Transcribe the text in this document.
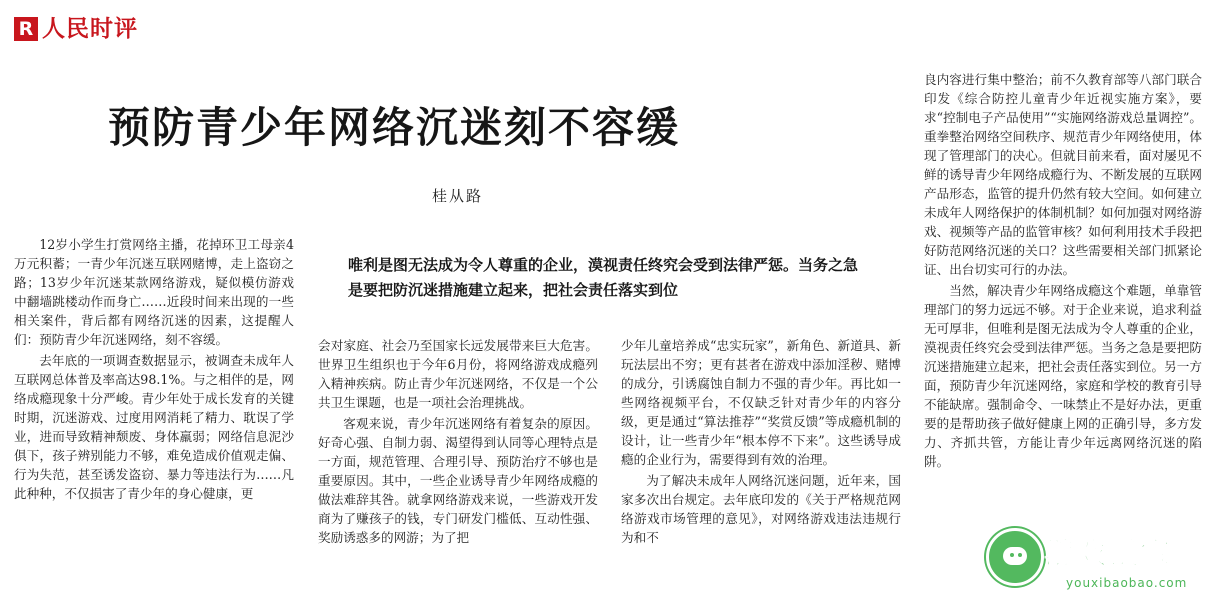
R 人民时评
预防青少年网络沉迷刻不容缓
桂从路
唯利是图无法成为令人尊重的企业，漠视责任终究会受到法律严惩。当务之急是要把防沉迷措施建立起来，把社会责任落实到位

12岁小学生打赏网络主播，花掉环卫工母亲4万元积蓄；一青少年沉迷互联网赌博，走上盗窃之路；13岁少年沉迷某款网络游戏，疑似模仿游戏中翻墙跳楼动作而身亡……近段时间来出现的一些相关案件，背后都有网络沉迷的因素，这提醒人们：预防青少年沉迷网络，刻不容缓。

去年底的一项调查数据显示，被调查未成年人互联网总体普及率高达98.1%。与之相伴的是，网络成瘾现象十分严峻。青少年处于成长发育的关键时期，沉迷游戏、过度用网消耗了精力、耽误了学业，进而导致精神颓废、身体羸弱；网络信息泥沙俱下，孩子辨别能力不够，难免造成价值观走偏、行为失范，甚至诱发盗窃、暴力等违法行为……凡此种种，不仅损害了青少年的身心健康，更

会对家庭、社会乃至国家长远发展带来巨大危害。世界卫生组织也于今年6月份，将网络游戏成瘾列入精神疾病。防止青少年沉迷网络，不仅是一个公共卫生课题，也是一项社会治理挑战。

客观来说，青少年沉迷网络有着复杂的原因。好奇心强、自制力弱、渴望得到认同等心理特点是一方面，规范管理、合理引导、预防治疗不够也是重要原因。其中，一些企业诱导青少年网络成瘾的做法难辞其咎。就拿网络游戏来说，一些游戏开发商为了赚孩子的钱，专门研发门槛低、互动性强、奖励诱惑多的网游；为了把

少年儿童培养成“忠实玩家”，新角色、新道具、新玩法层出不穷；更有甚者在游戏中添加淫秽、赌博的成分，引诱腐蚀自制力不强的青少年。再比如一些网络视频平台，不仅缺乏针对青少年的内容分级，更是通过“算法推荐”“奖赏反馈”等成瘾机制的设计，让一些青少年“根本停不下来”。这些诱导成瘾的企业行为，需要得到有效的治理。

为了解决未成年人网络沉迷问题，近年来，国家多次出台规定。去年底印发的《关于严格规范网络游戏市场管理的意见》，对网络游戏违法违规行为和不

良内容进行集中整治；前不久教育部等八部门联合印发《综合防控儿童青少年近视实施方案》，要求“控制电子产品使用”“实施网络游戏总量调控”。重拳整治网络空间秩序、规范青少年网络使用，体现了管理部门的决心。但就目前来看，面对屡见不鲜的诱导青少年网络成瘾行为、不断发展的互联网产品形态，监管的提升仍然有较大空间。如何建立未成年人网络保护的体制机制？如何加强对网络游戏、视频等产品的监管审核？如何利用技术手段把好防范网络沉迷的关口？这些需要相关部门抓紧论证、出台切实可行的办法。

当然，解决青少年网络成瘾这个难题，单靠管理部门的努力远远不够。对于企业来说，追求利益无可厚非，但唯利是图无法成为令人尊重的企业，漠视责任终究会受到法律严惩。当务之急是要把防沉迷措施建立起来，把社会责任落实到位。另一方面，预防青少年沉迷网络，家庭和学校的教育引导不能缺席。强制命令、一味禁止不是好办法，更重要的是帮助孩子做好健康上网的正确引导，多方发力、齐抓共管，方能让青少年远离网络沉迷的陷阱。

游戏鼠宝
youxibaobao.com
